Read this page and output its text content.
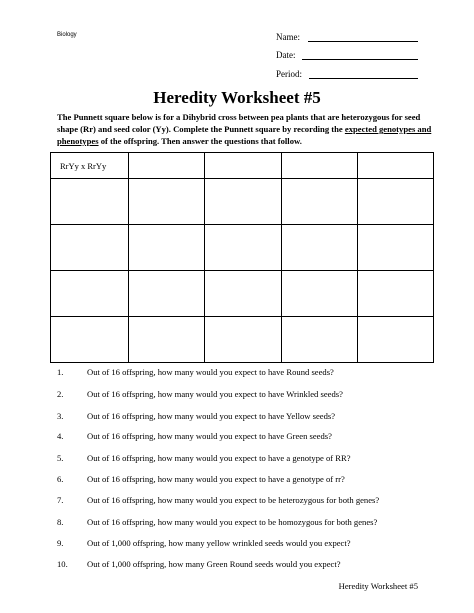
Biology	Name:
Date:
Period:
Heredity Worksheet #5
The Punnett square below is for a Dihybrid cross between pea plants that are heterozygous for seed shape (Rr) and seed color (Yy). Complete the Punnett square by recording the expected genotypes and phenotypes of the offspring. Then answer the questions that follow.
RrYy x RrYy				

1.	Out of 16 offspring, how many would you expect to have Round seeds?
2.	Out of 16 offspring, how many would you expect to have Wrinkled seeds?
3.	Out of 16 offspring, how many would you expect to have Yellow seeds?
4.	Out of 16 offspring, how many would you expect to have Green seeds?
5.	Out of 16 offspring, how many would you expect to have a genotype of RR?
6.	Out of 16 offspring, how many would you expect to have a genotype of rr?
7.	Out of 16 offspring, how many would you expect to be heterozygous for both genes?
8.	Out of 16 offspring, how many would you expect to be homozygous for both genes?
9.	Out of 1,000 offspring, how many yellow wrinkled seeds would you expect?
10. Out of 1,000 offspring, how many Green Round seeds would you expect?
Heredity Worksheet #5
